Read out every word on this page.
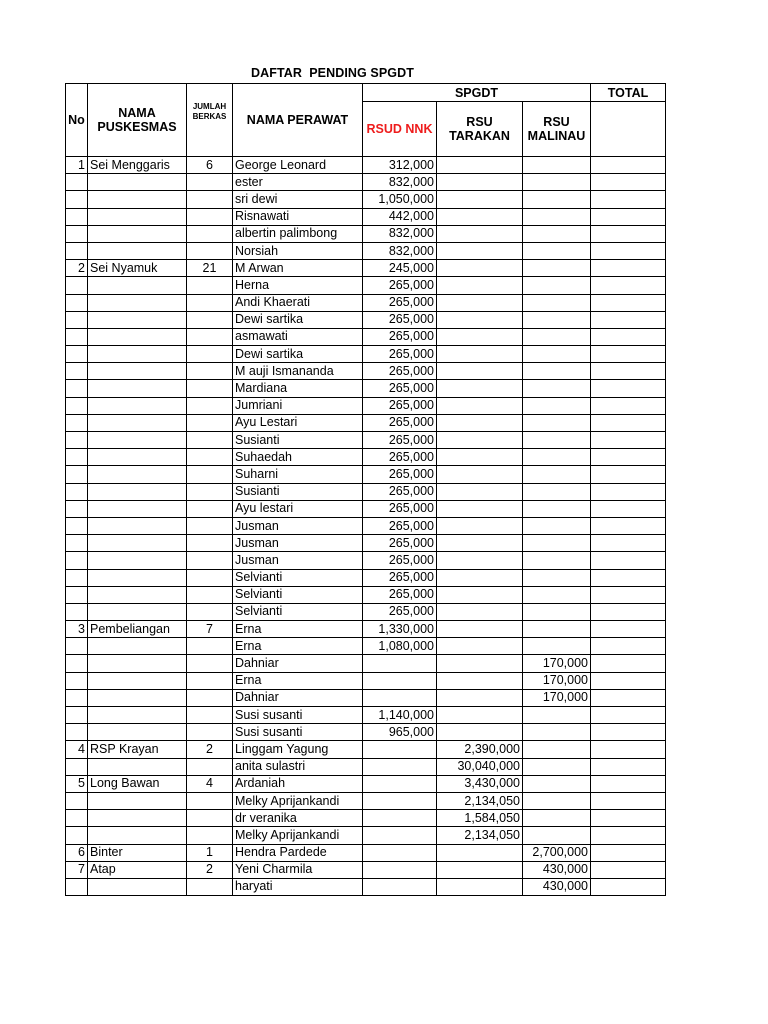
DAFTAR  PENDING SPGDT
No	NAMA PUSKESMAS	JUMLAH BERKAS	NAMA PERAWAT	SPGDT			TOTAL
				RSUD NNK	RSU TARAKAN	RSU MALINAU	
1	Sei Menggaris	6	George Leonard	312,000			
			ester	832,000			
			sri dewi	1,050,000			
			Risnawati	442,000			
			albertin palimbong	832,000			
			Norsiah	832,000			
2	Sei Nyamuk	21	M Arwan	245,000			
			Herna	265,000			
			Andi Khaerati	265,000			
			Dewi sartika	265,000			
			asmawati	265,000			
			Dewi sartika	265,000			
			M auji Ismananda	265,000			
			Mardiana	265,000			
			Jumriani	265,000			
			Ayu Lestari	265,000			
			Susianti	265,000			
			Suhaedah	265,000			
			Suharni	265,000			
			Susianti	265,000			
			Ayu lestari	265,000			
			Jusman	265,000			
			Jusman	265,000			
			Jusman	265,000			
			Selvianti	265,000			
			Selvianti	265,000			
			Selvianti	265,000			
3	Pembeliangan	7	Erna	1,330,000			
			Erna	1,080,000			
			Dahniar			170,000	
			Erna			170,000	
			Dahniar			170,000	
			Susi susanti	1,140,000			
			Susi susanti	965,000			
4	RSP Krayan	2	Linggam Yagung		2,390,000		
			anita sulastri		30,040,000		
5	Long Bawan	4	Ardaniah		3,430,000		
			Melky Aprijankandi		2,134,050		
			dr veranika		1,584,050		
			Melky Aprijankandi		2,134,050		
6	Binter	1	Hendra Pardede			2,700,000	
7	Atap	2	Yeni Charmila			430,000	
			haryati			430,000	
